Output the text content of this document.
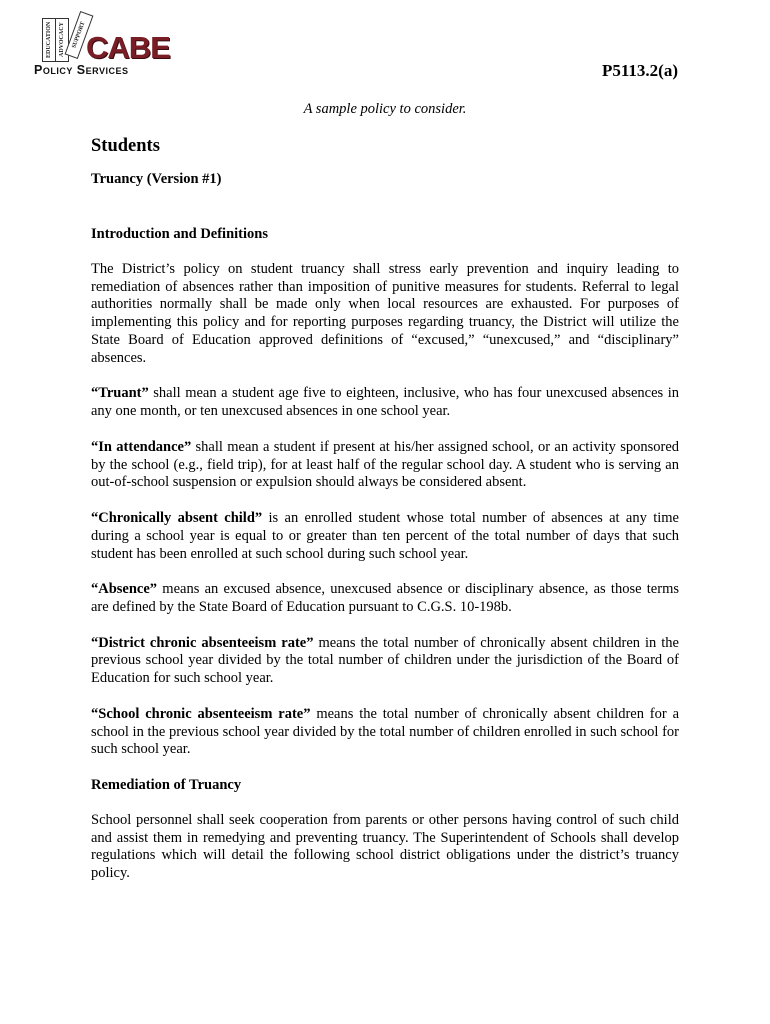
EDUCATION	ADVOCACY	SUPPORT CABE
Policy Services	P5113.2(a)
A sample policy to consider.
Students
Truancy (Version #1)
Introduction and Definitions

The District’s policy on student truancy shall stress early prevention and inquiry leading to remediation of absences rather than imposition of punitive measures for students. Referral to legal authorities normally shall be made only when local resources are exhausted. For purposes of implementing this policy and for reporting purposes regarding truancy, the District will utilize the State Board of Education approved definitions of “excused,” “unexcused,” and “disciplinary” absences.

“Truant” shall mean a student age five to eighteen, inclusive, who has four unexcused absences in any one month, or ten unexcused absences in one school year.

“In attendance” shall mean a student if present at his/her assigned school, or an activity sponsored by the school (e.g., field trip), for at least half of the regular school day. A student who is serving an out-of-school suspension or expulsion should always be considered absent.

“Chronically absent child” is an enrolled student whose total number of absences at any time during a school year is equal to or greater than ten percent of the total number of days that such student has been enrolled at such school during such school year.

“Absence” means an excused absence, unexcused absence or disciplinary absence, as those terms are defined by the State Board of Education pursuant to C.G.S. 10-198b.

“District chronic absenteeism rate” means the total number of chronically absent children in the previous school year divided by the total number of children under the jurisdiction of the Board of Education for such school year.

“School chronic absenteeism rate” means the total number of chronically absent children for a school in the previous school year divided by the total number of children enrolled in such school for such school year.

Remediation of Truancy

School personnel shall seek cooperation from parents or other persons having control of such child and assist them in remedying and preventing truancy. The Superintendent of Schools shall develop regulations which will detail the following school district obligations under the district’s truancy policy.
